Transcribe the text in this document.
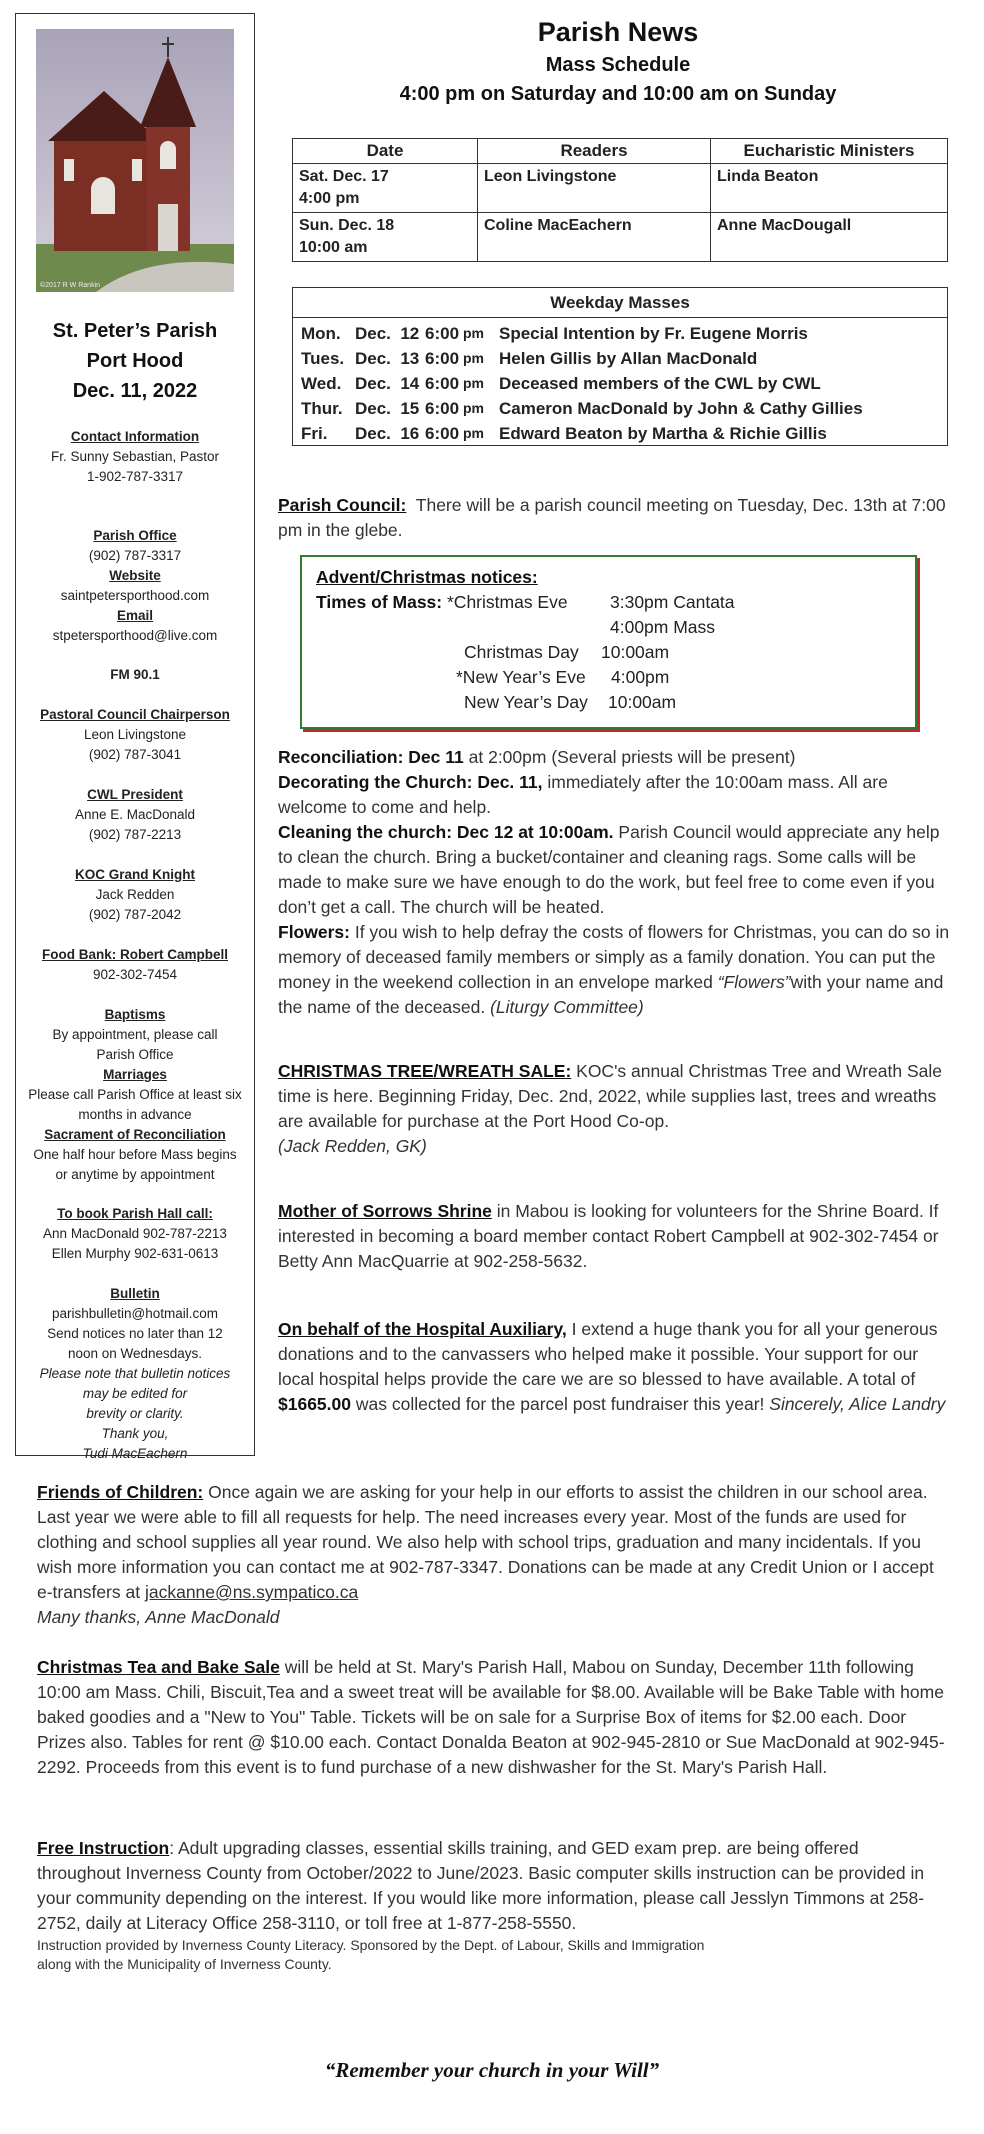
©2017 R W Rankin
St. Peter’s Parish
Port Hood
Dec. 11, 2022
Contact Information
Fr. Sunny Sebastian, Pastor
1-902-787-3317
Parish Office
(902) 787-3317
Website
saintpetersporthood.com
Email
stpetersporthood@live.com
FM 90.1
Pastoral Council Chairperson
Leon Livingstone
(902) 787-3041
CWL President
Anne E. MacDonald
(902) 787-2213
KOC Grand Knight
Jack Redden
(902) 787-2042
Food Bank: Robert Campbell
902-302-7454
Baptisms
By appointment, please call
Parish Office
Marriages
Please call Parish Office at least six
months in advance
Sacrament of Reconciliation
One half hour before Mass begins
or anytime by appointment
To book Parish Hall call:
Ann MacDonald 902-787-2213
Ellen Murphy 902-631-0613
Bulletin
parishbulletin@hotmail.com
Send notices no later than 12
noon on Wednesdays.
Please note that bulletin notices
may be edited for
brevity or clarity.
Thank you,
Tudi MacEachern
Parish News
Mass Schedule
4:00 pm on Saturday and 10:00 am on Sunday
Date	Readers	Eucharistic Ministers

Sat. Dec. 17
4:00 pm	Leon Livingstone	Linda Beaton

Sun. Dec. 18
10:00 am	Coline MacEachern	Anne MacDougall
Weekday Masses
Mon. Dec.  12 6:00 pm Special Intention by Fr. Eugene Morris
Tues. Dec.  13 6:00 pm Helen Gillis by Allan MacDonald
Wed. Dec.  14 6:00 pm Deceased members of the CWL by CWL
Thur. Dec.  15 6:00 pm Cameron MacDonald by John & Cathy Gillies
Fri. Dec.  16 6:00 pm Edward Beaton by Martha & Richie Gillis
Parish Council: There will be a parish council meeting on Tuesday, Dec. 13th at 7:00 pm in the glebe.
Advent/Christmas notices:
Times of Mass: *Christmas Eve 3:30pm Cantata
4:00pm Mass
Christmas Day 10:00am
*New Year’s Eve 4:00pm
New Year’s Day 10:00am
Reconciliation: Dec 11 at 2:00pm (Several priests will be present)
Decorating the Church: Dec. 11, immediately after the 10:00am mass. All are welcome to come and help.
Cleaning the church: Dec 12 at 10:00am. Parish Council would appreciate any help to clean the church. Bring a bucket/container and cleaning rags. Some calls will be made to make sure we have enough to do the work, but feel free to come even if you don’t get a call. The church will be heated.
Flowers: If you wish to help defray the costs of flowers for Christmas, you can do so in memory of deceased family members or simply as a family donation. You can put the money in the weekend collection in an envelope marked “Flowers”with your name and the name of the deceased. (Liturgy Committee)
CHRISTMAS TREE/WREATH SALE: KOC's annual Christmas Tree and Wreath Sale time is here. Beginning Friday, Dec. 2nd, 2022, while supplies last, trees and wreaths are available for purchase at the Port Hood Co-op.
(Jack Redden, GK)
Mother of Sorrows Shrine in Mabou is looking for volunteers for the Shrine Board. If interested in becoming a board member contact Robert Campbell at 902-302-7454 or Betty Ann MacQuarrie at 902-258-5632.
On behalf of the Hospital Auxiliary, I extend a huge thank you for all your generous donations and to the canvassers who helped make it possible. Your support for our local hospital helps provide the care we are so blessed to have available. A total of $1665.00 was collected for the parcel post fundraiser this year! Sincerely, Alice Landry
Friends of Children: Once again we are asking for your help in our efforts to assist the children in our school area. Last year we were able to fill all requests for help. The need increases every year. Most of the funds are used for clothing and school supplies all year round. We also help with school trips, graduation and many incidentals. If you wish more information you can contact me at 902-787-3347. Donations can be made at any Credit Union or I accept e-transfers at jackanne@ns.sympatico.ca
Many thanks, Anne MacDonald
Christmas Tea and Bake Sale will be held at St. Mary's Parish Hall, Mabou on Sunday, December 11th following 10:00 am Mass. Chili, Biscuit,Tea and a sweet treat will be available for $8.00. Available will be Bake Table with home baked goodies and a "New to You" Table. Tickets will be on sale for a Surprise Box of items for $2.00 each. Door Prizes also. Tables for rent @ $10.00 each. Contact Donalda Beaton at 902-945-2810 or Sue MacDonald at 902-945-2292. Proceeds from this event is to fund purchase of a new dishwasher for the St. Mary's Parish Hall.
Free Instruction: Adult upgrading classes, essential skills training, and GED exam prep. are being offered throughout Inverness County from October/2022 to June/2023. Basic computer skills instruction can be provided in your community depending on the interest. If you would like more information, please call Jesslyn Timmons at 258-2752, daily at Literacy Office 258-3110, or toll free at 1-877-258-5550.
Instruction provided by Inverness County Literacy. Sponsored by the Dept. of Labour, Skills and Immigration
along with the Municipality of Inverness County.
“Remember your church in your Will”
